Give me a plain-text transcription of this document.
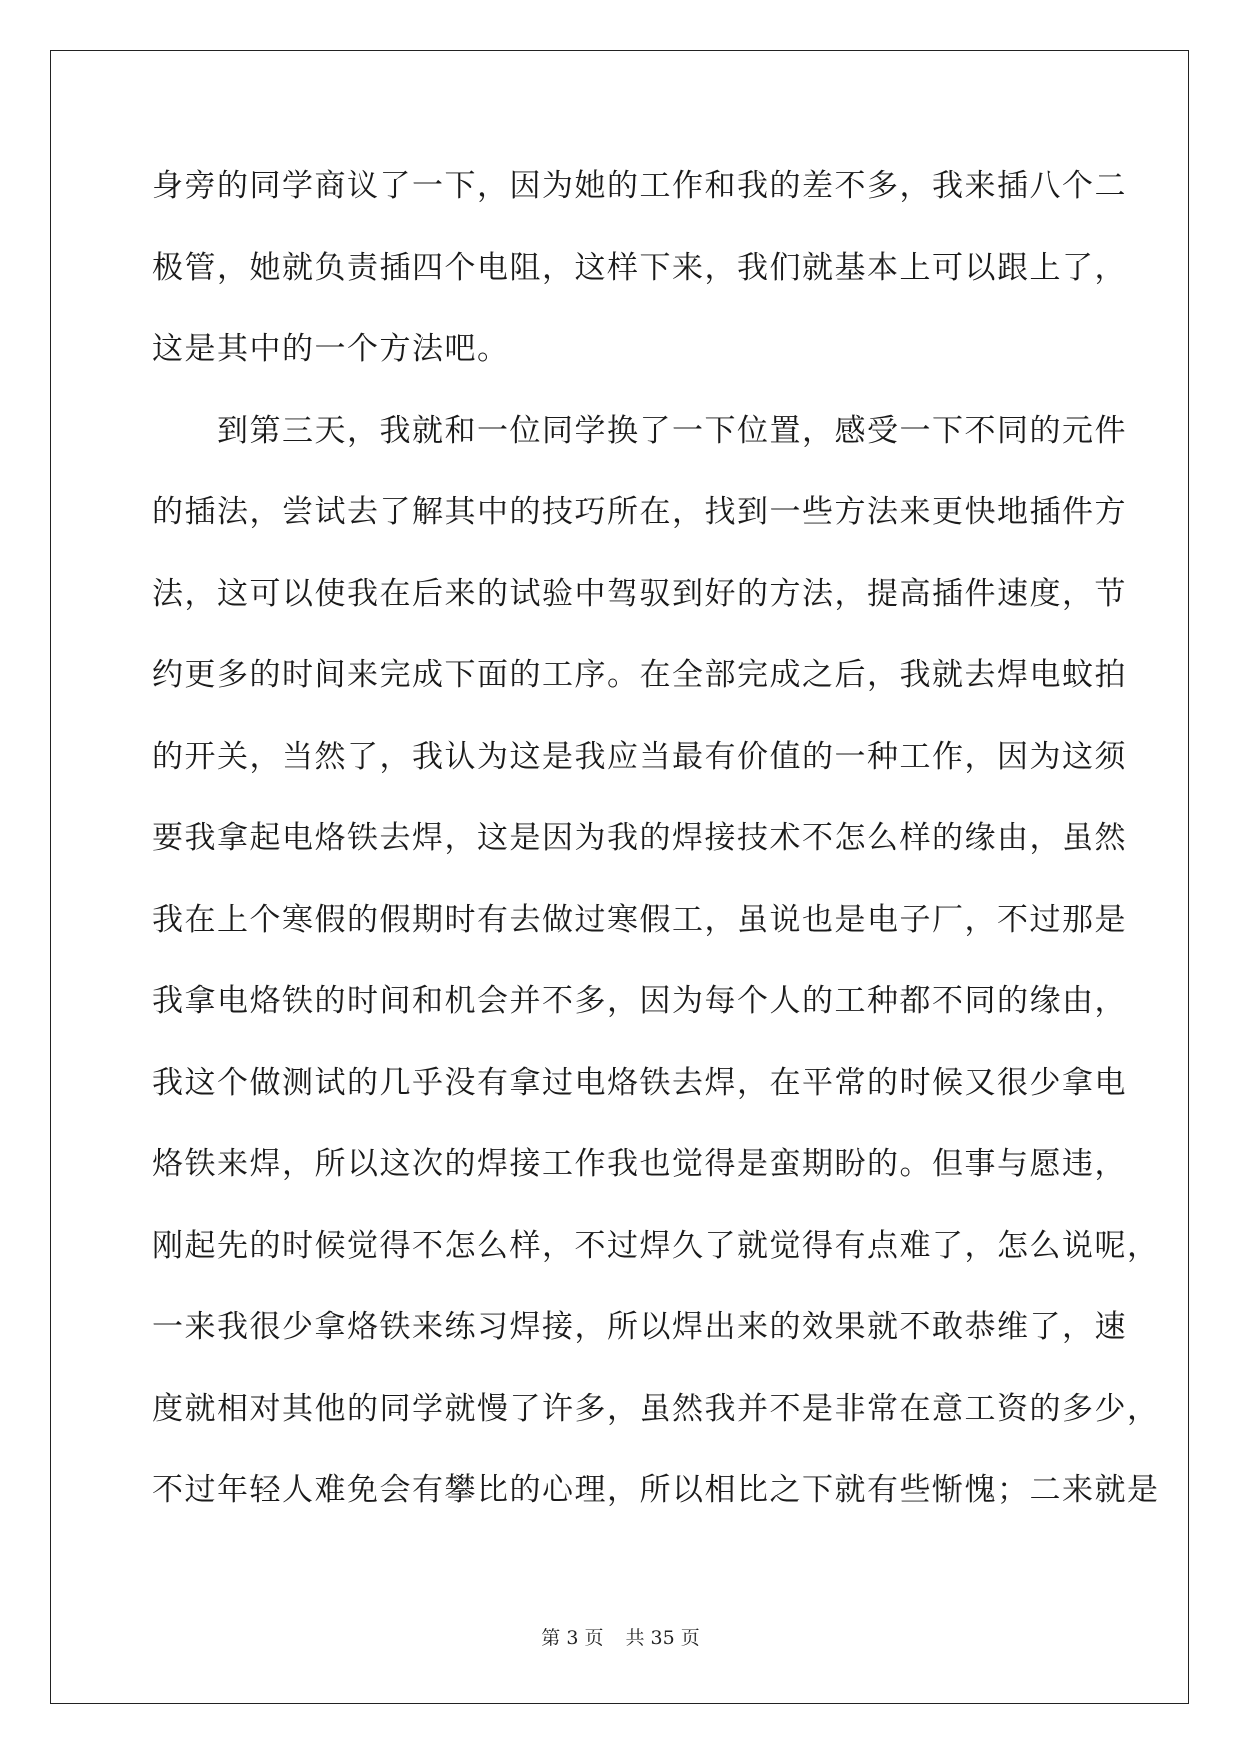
身旁的同学商议了一下，因为她的工作和我的差不多，我来插八个二
极管，她就负责插四个电阻，这样下来，我们就基本上可以跟上了，
这是其中的一个方法吧。
　　到第三天，我就和一位同学换了一下位置，感受一下不同的元件
的插法，尝试去了解其中的技巧所在，找到一些方法来更快地插件方
法，这可以使我在后来的试验中驾驭到好的方法，提高插件速度，节
约更多的时间来完成下面的工序。在全部完成之后，我就去焊电蚊拍
的开关，当然了，我认为这是我应当最有价值的一种工作，因为这须
要我拿起电烙铁去焊，这是因为我的焊接技术不怎么样的缘由，虽然
我在上个寒假的假期时有去做过寒假工，虽说也是电子厂，不过那是
我拿电烙铁的时间和机会并不多，因为每个人的工种都不同的缘由，
我这个做测试的几乎没有拿过电烙铁去焊，在平常的时候又很少拿电
烙铁来焊，所以这次的焊接工作我也觉得是蛮期盼的。但事与愿违，
刚起先的时候觉得不怎么样，不过焊久了就觉得有点难了，怎么说呢，
一来我很少拿烙铁来练习焊接，所以焊出来的效果就不敢恭维了，速
度就相对其他的同学就慢了许多，虽然我并不是非常在意工资的多少，
不过年轻人难免会有攀比的心理，所以相比之下就有些惭愧；二来就是
第 3 页 共 35 页
